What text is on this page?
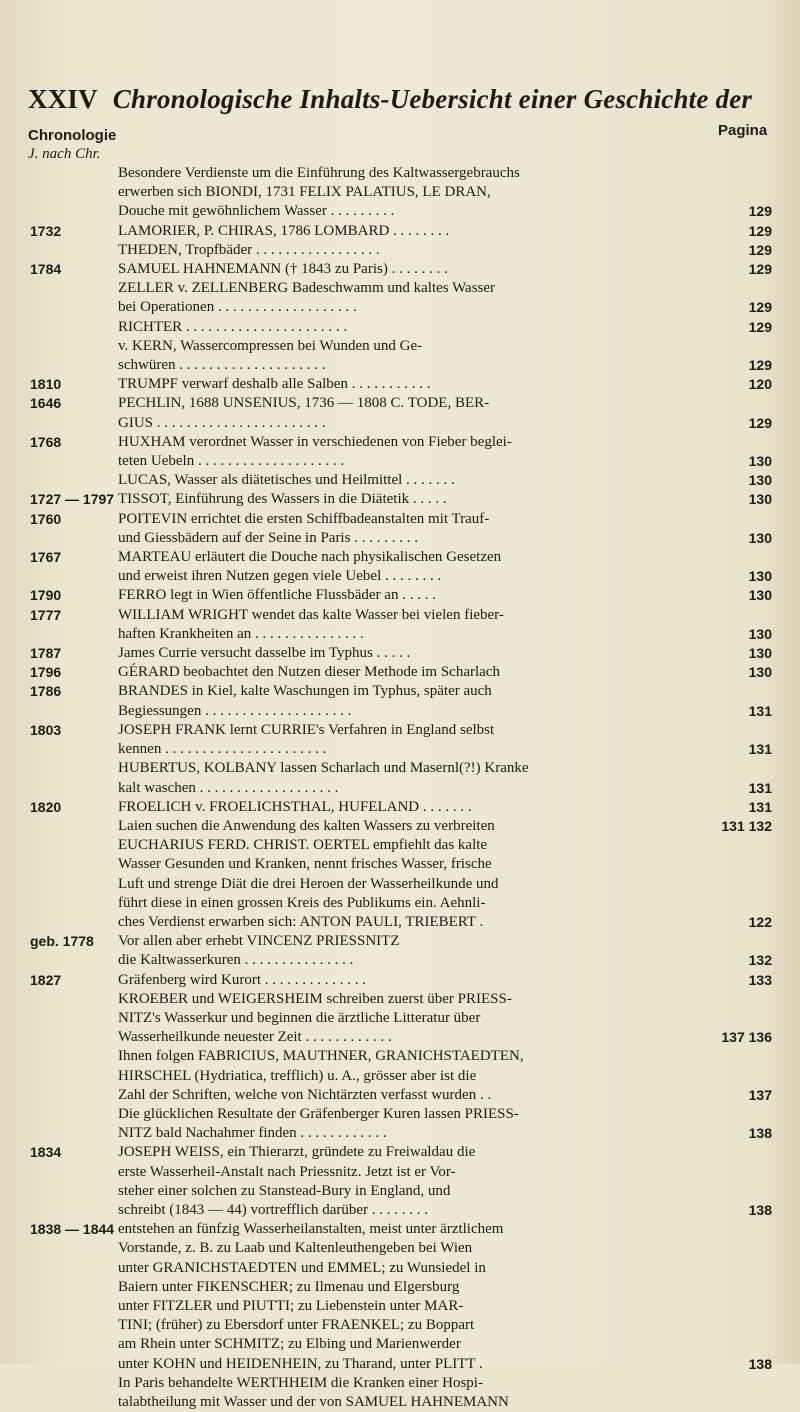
XXIV Chronologische Inhalts-Uebersicht einer Geschichte der
Chronologie	Pagina
J. nach Chr.
Besondere Verdienste um die Einführung des Kaltwassergebrauchs
erwerben sich BIONDI, 1731 FELIX PALATIUS, LE DRAN,
Douche mit gewöhnlichem Wasser . . . . . . . . .	129
1732	LAMORIER, P. CHIRAS, 1786 LOMBARD . . . . . . . .	129
THEDEN, Tropfbäder . . . . . . . . . . . . . . . . .	129
1784	SAMUEL HAHNEMANN († 1843 zu Paris) . . . . . . . .	129
ZELLER v. ZELLENBERG Badeschwamm und kaltes Wasser
bei Operationen . . . . . . . . . . . . . . . . . . .	129
RICHTER . . . . . . . . . . . . . . . . . . . . . .	129
v. KERN, Wassercompressen bei Wunden und Ge-
schwüren . . . . . . . . . . . . . . . . . . . .	129
1810	TRUMPF verwarf deshalb alle Salben . . . . . . . . . . .	120
1646	PECHLIN, 1688 UNSENIUS, 1736 — 1808 C. TODE, BER-
GIUS . . . . . . . . . . . . . . . . . . . . . . .	129
1768	HUXHAM verordnet Wasser in verschiedenen von Fieber beglei-
teten Uebeln . . . . . . . . . . . . . . . . . . . .	130
LUCAS, Wasser als diätetisches und Heilmittel . . . . . . .	130
1727 — 1797 TISSOT, Einführung des Wassers in die Diätetik . . . . .	130
1760	POITEVIN errichtet die ersten Schiffbadeanstalten mit Trauf-
und Giessbädern auf der Seine in Paris . . . . . . . . .	130
1767	MARTEAU erläutert die Douche nach physikalischen Gesetzen
und erweist ihren Nutzen gegen viele Uebel . . . . . . . .	130
1790	FERRO legt in Wien öffentliche Flussbäder an . . . . .	130
1777	WILLIAM WRIGHT wendet das kalte Wasser bei vielen fieber-
haften Krankheiten an . . . . . . . . . . . . . . .	130
1787	James Currie versucht dasselbe im Typhus . . . . .	130
1796	GÉRARD beobachtet den Nutzen dieser Methode im Scharlach	130
1786	BRANDES in Kiel, kalte Waschungen im Typhus, später auch
Begiessungen . . . . . . . . . . . . . . . . . . . .	131
1803	JOSEPH FRANK lernt CURRIE's Verfahren in England selbst
kennen . . . . . . . . . . . . . . . . . . . . . .	131
HUBERTUS, KOLBANY lassen Scharlach und Masernl(?!) Kranke
kalt waschen . . . . . . . . . . . . . . . . . . .	131
1820	FROELICH v. FROELICHSTHAL, HUFELAND . . . . . . .	131
Laien suchen die Anwendung des kalten Wassers zu verbreiten	131 132
EUCHARIUS FERD. CHRIST. OERTEL empfiehlt das kalte
Wasser Gesunden und Kranken, nennt frisches Wasser, frische
Luft und strenge Diät die drei Heroen der Wasserheilkunde und
führt diese in einen grossen Kreis des Publikums ein. Aehnli-
ches Verdienst erwarben sich: ANTON PAULI, TRIEBERT .	122
geb. 1778	Vor allen aber erhebt VINCENZ PRIESSNITZ
die Kaltwasserkuren . . . . . . . . . . . . . . .	132
1827	Gräfenberg wird Kurort . . . . . . . . . . . . . .	133
KROEBER und WEIGERSHEIM schreiben zuerst über PRIESS-
NITZ's Wasserkur und beginnen die ärztliche Litteratur über
Wasserheilkunde neuester Zeit . . . . . . . . . . . .	137 136
Ihnen folgen FABRICIUS, MAUTHNER, GRANICHSTAEDTEN,
HIRSCHEL (Hydriatica, trefflich) u. A., grösser aber ist die
Zahl der Schriften, welche von Nichtärzten verfasst wurden . .	137
Die glücklichen Resultate der Gräfenberger Kuren lassen PRIESS-
NITZ bald Nachahmer finden . . . . . . . . . . . .	138
1834	JOSEPH WEISS, ein Thierarzt, gründete zu Freiwaldau die
erste Wasserheil-Anstalt nach Priessnitz. Jetzt ist er Vor-
steher einer solchen zu Stanstead-Bury in England, und
schreibt (1843 — 44) vortrefflich darüber . . . . . . . .	138
1838 — 1844 entstehen an fünfzig Wasserheilanstalten, meist unter ärztlichem
Vorstande, z. B. zu Laab und Kaltenleuthengeben bei Wien
unter GRANICHSTAEDTEN und EMMEL; zu Wunsiedel in
Baiern unter FIKENSCHER; zu Ilmenau und Elgersburg
unter FITZLER und PIUTTI; zu Liebenstein unter MAR-
TINI; (früher) zu Ebersdorf unter FRAENKEL; zu Boppart
am Rhein unter SCHMITZ; zu Elbing und Marienwerder
unter KOHN und HEIDENHEIN, zu Tharand, unter PLITT .	138
In Paris behandelte WERTHHEIM die Kranken einer Hospi-
talabtheilung mit Wasser und der von SAMUEL HAHNEMANN
